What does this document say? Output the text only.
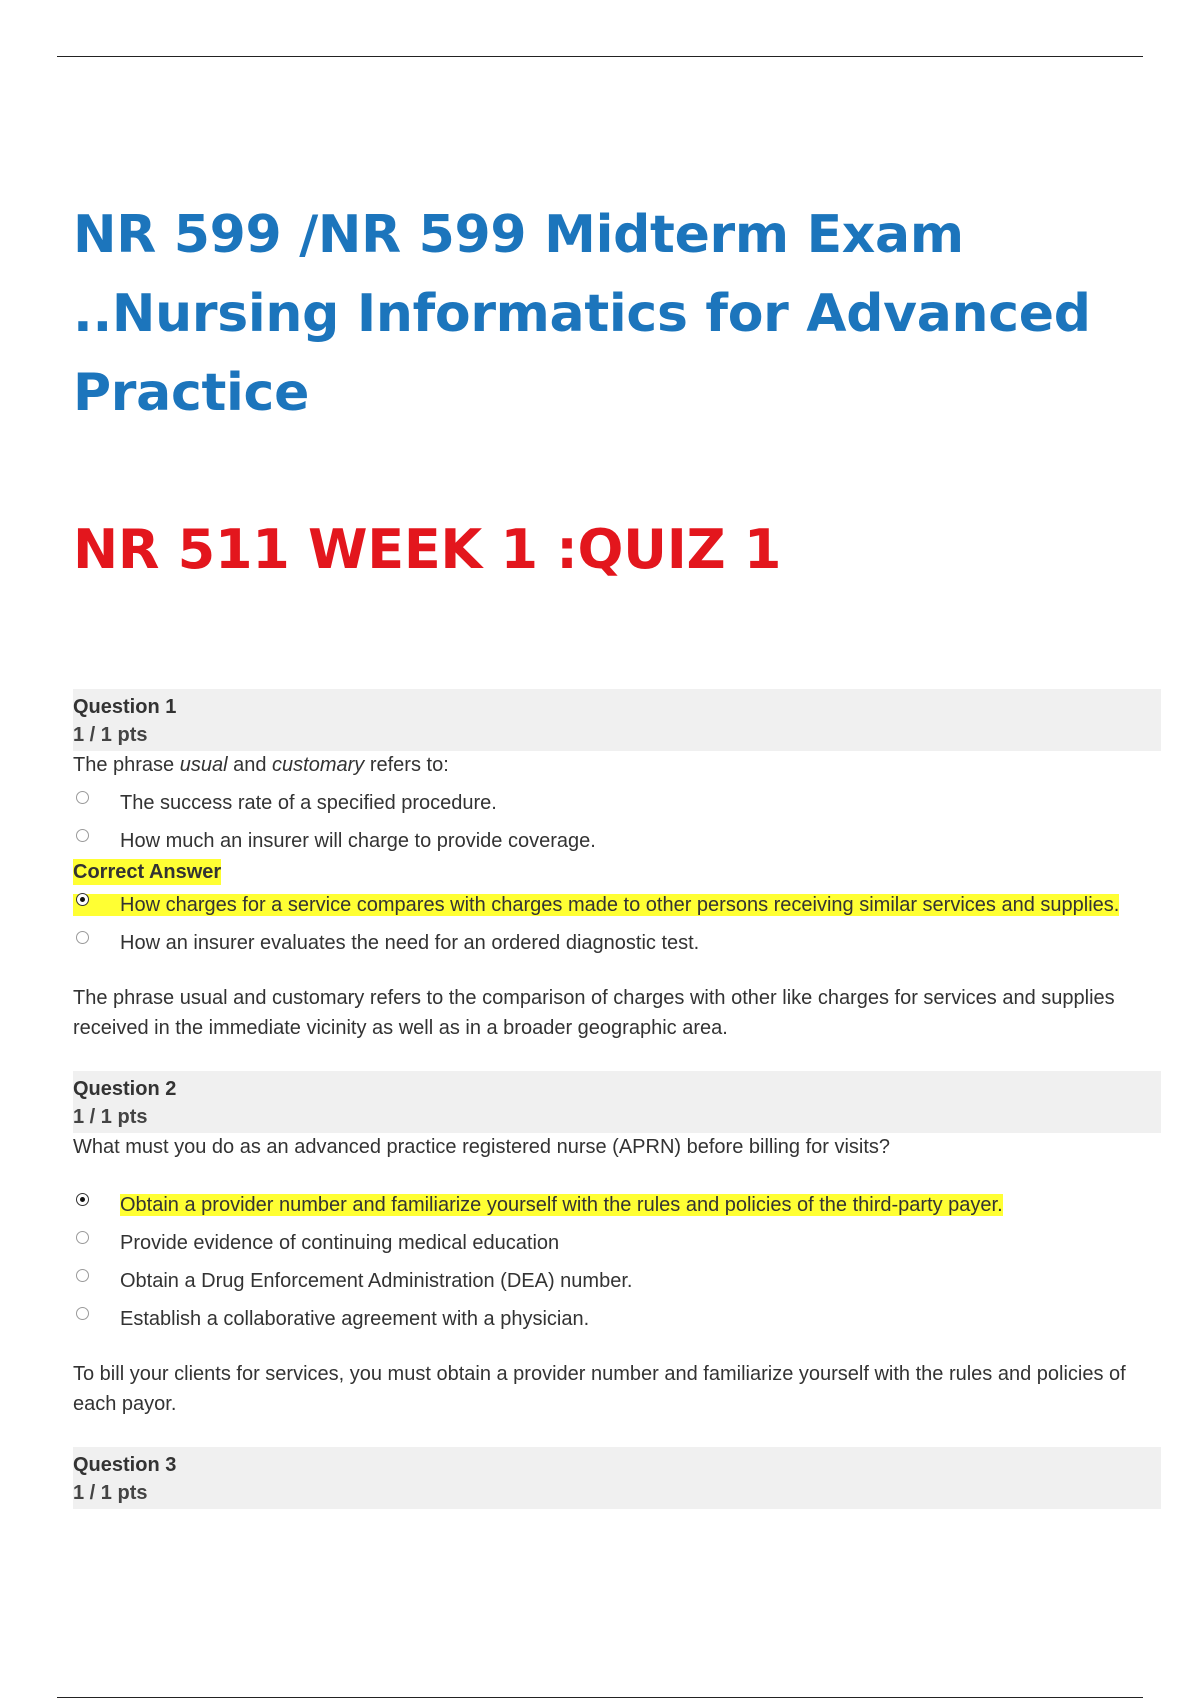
NR 599 /NR 599 Midterm Exam ..Nursing Informatics for Advanced Practice
NR 511 WEEK 1 :QUIZ 1
Question 1
1 / 1 pts
The phrase usual and customary refers to:
The success rate of a specified procedure.
How much an insurer will charge to provide coverage.
Correct Answer
How charges for a service compares with charges made to other persons receiving similar services and supplies.
How an insurer evaluates the need for an ordered diagnostic test.
The phrase usual and customary refers to the comparison of charges with other like charges for services and supplies received in the immediate vicinity as well as in a broader geographic area.
Question 2
1 / 1 pts
What must you do as an advanced practice registered nurse (APRN) before billing for visits?
Obtain a provider number and familiarize yourself with the rules and policies of the third-party payer.
Provide evidence of continuing medical education
Obtain a Drug Enforcement Administration (DEA) number.
Establish a collaborative agreement with a physician.
To bill your clients for services, you must obtain a provider number and familiarize yourself with the rules and policies of each payor.
Question 3
1 / 1 pts
